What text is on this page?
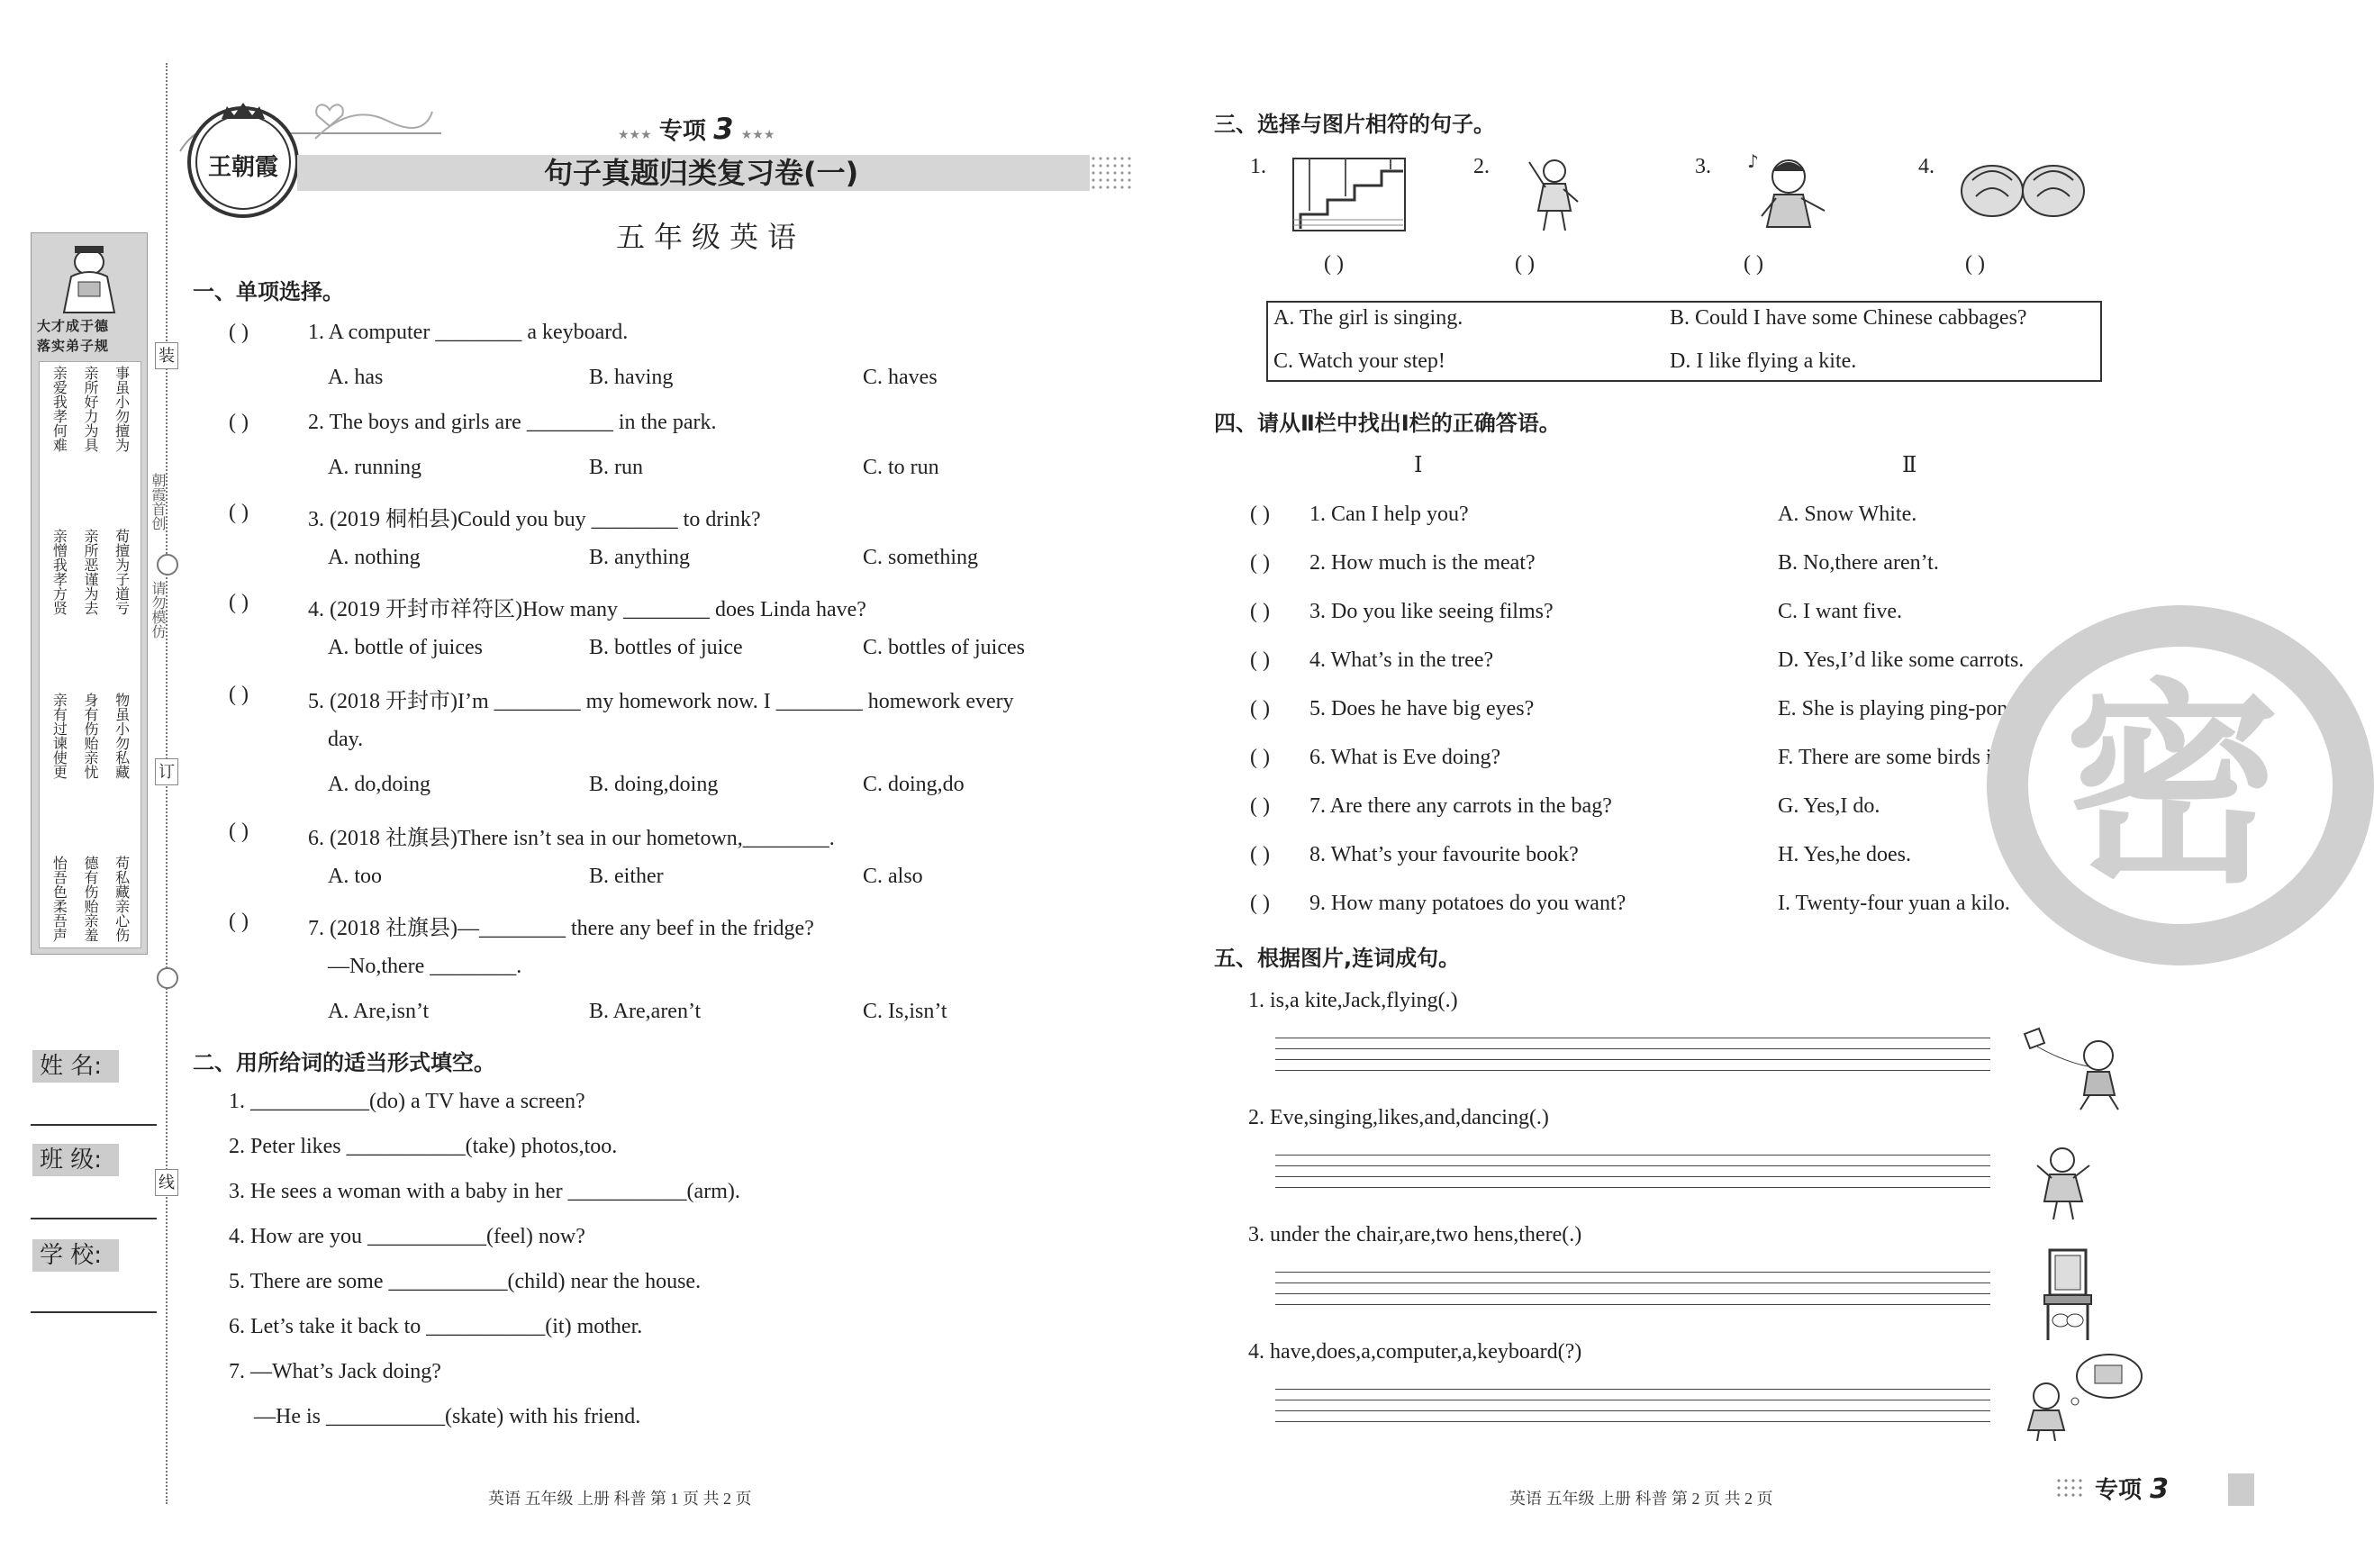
装
订
线
朝霞首创
请勿模仿
大才成于德
落实弟子规
亲爱我孝何难 亲所好力为具 事虽小勿擅为
亲憎我孝方贤 亲所恶谨为去 荀擅为子道亏
亲有过谏使更 身有伤贻亲忧 物虽小勿私藏
怡吾色柔吾声 德有伤贻亲羞 苟私藏亲心伤
姓 名:
班 级:
学 校:
王朝霞
★★★ 专项 3 ★★★
句子真题归类复习卷(一)
五年级英语
一、单项选择。
( )	1. A computer ________ a keyboard.
A. has	B. having	C. haves
( )	2. The boys and girls are ________ in the park.
A. running	B. run	C. to run
( )	3. (2019 桐柏县)Could you buy ________ to drink?
A. nothing	B. anything	C. something
( )	4. (2019 开封市祥符区)How many ________ does Linda have?
A. bottle of juices	B. bottles of juice	C. bottles of juices
( )	5. (2018 开封市)I’m ________ my homework now. I ________ homework every
day.
A. do,doing	B. doing,doing	C. doing,do
( )	6. (2018 社旗县)There isn’t sea in our hometown,________.
A. too	B. either	C. also
( )	7. (2018 社旗县)—________ there any beef in the fridge?
—No,there ________.
A. Are,isn’t	B. Are,aren’t	C. Is,isn’t
二、用所给词的适当形式填空。
1. ___________(do) a TV have a screen?
2. Peter likes ___________(take) photos,too.
3. He sees a woman with a baby in her ___________(arm).
4. How are you ___________(feel) now?
5. There are some ___________(child) near the house.
6. Let’s take it back to ___________(it) mother.
7. —What’s Jack doing?
—He is ___________(skate) with his friend.
英语 五年级 上册 科普 第 1 页 共 2 页
三、选择与图片相符的句子。
1.
( )
2.
( )
3. ♪
( )
4.
( )
A. The girl is singing.	B. Could I have some Chinese cabbages?
C. Watch your step!	D. I like flying a kite.
四、请从Ⅱ栏中找出Ⅰ栏的正确答语。
Ⅰ	Ⅱ
( ) 1. Can I help you?	A. Snow White.
( ) 2. How much is the meat?	B. No,there aren’t.
( ) 3. Do you like seeing films?	C. I want five.
( ) 4. What’s in the tree?	D. Yes,I’d like some carrots.
( ) 5. Does he have big eyes?	E. She is playing ping-pong.
( ) 6. What is Eve doing?	F. There are some birds in it.
( ) 7. Are there any carrots in the bag?	G. Yes,I do.
( ) 8. What’s your favourite book?	H. Yes,he does.
( ) 9. How many potatoes do you want?	I. Twenty-four yuan a kilo. 密
五、根据图片,连词成句。
1. is,a kite,Jack,flying(.)
2. Eve,singing,likes,and,dancing(.)
3. under the chair,are,two hens,there(.)
4. have,does,a,computer,a,keyboard(?)
英语 五年级 上册 科普 第 2 页 共 2 页	专项 3
